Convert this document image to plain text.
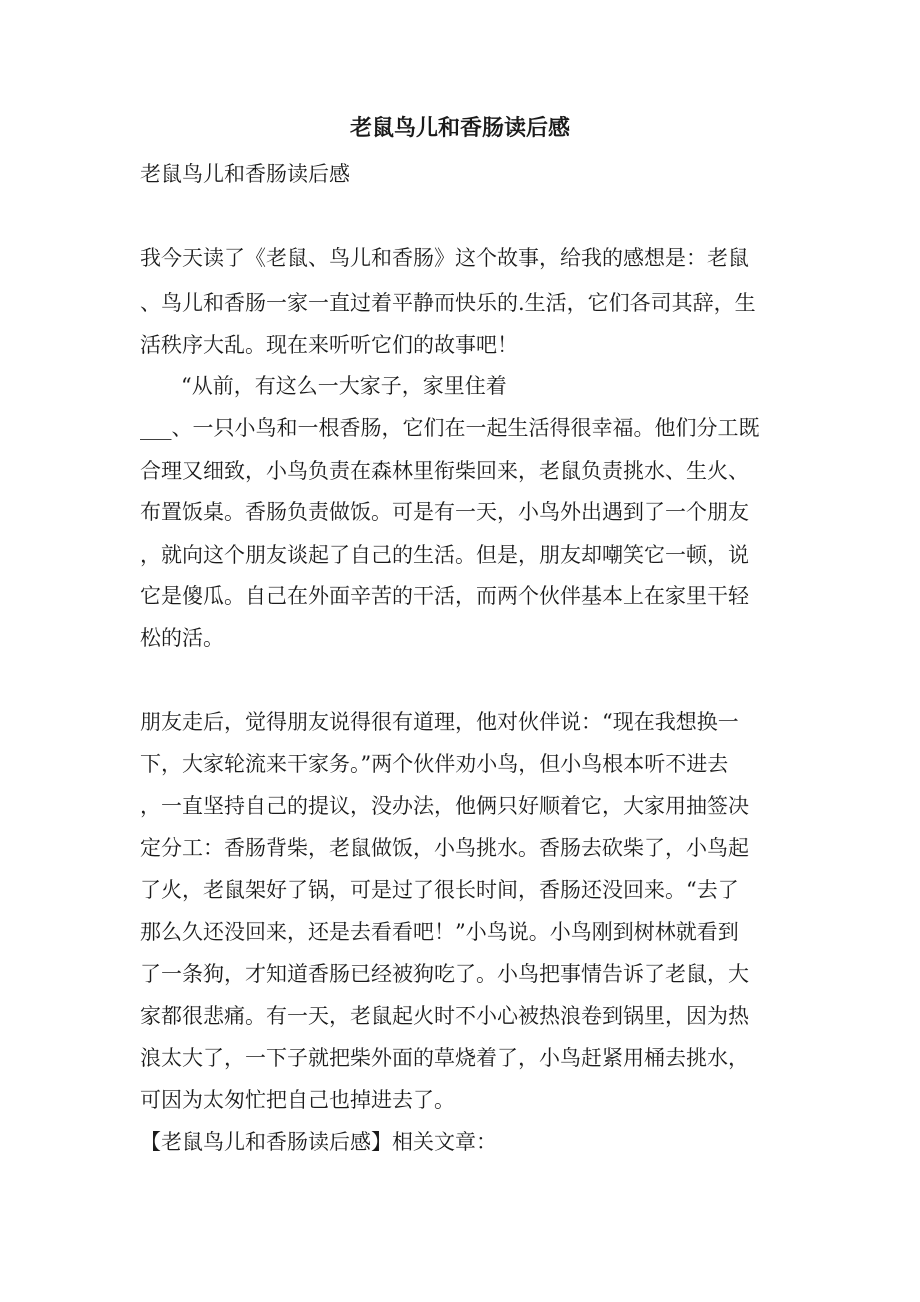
老鼠鸟儿和香肠读后感

老鼠鸟儿和香肠读后感

我今天读了《老鼠、鸟儿和香肠》这个故事，给我的感想是：老鼠

、鸟儿和香肠一家一直过着平静而快乐的.生活，它们各司其辞，生

活秩序大乱。现在来听听它们的故事吧！

“从前，有这么一大家子，家里住着

___、一只小鸟和一根香肠，它们在一起生活得很幸福。他们分工既

合理又细致，小鸟负责在森林里衔柴回来，老鼠负责挑水、生火、

布置饭桌。香肠负责做饭。可是有一天，小鸟外出遇到了一个朋友

，就向这个朋友谈起了自己的生活。但是，朋友却嘲笑它一顿，说

它是傻瓜。自己在外面辛苦的干活，而两个伙伴基本上在家里干轻

松的活。

朋友走后，觉得朋友说得很有道理，他对伙伴说：“现在我想换一

下，大家轮流来干家务。”两个伙伴劝小鸟，但小鸟根本听不进去

，一直坚持自己的提议，没办法，他俩只好顺着它，大家用抽签决

定分工：香肠背柴，老鼠做饭，小鸟挑水。香肠去砍柴了，小鸟起

了火，老鼠架好了锅，可是过了很长时间，香肠还没回来。“去了

那么久还没回来，还是去看看吧！”小鸟说。小鸟刚到树林就看到

了一条狗，才知道香肠已经被狗吃了。小鸟把事情告诉了老鼠，大

家都很悲痛。有一天，老鼠起火时不小心被热浪卷到锅里，因为热

浪太大了，一下子就把柴外面的草烧着了，小鸟赶紧用桶去挑水，

可因为太匆忙把自己也掉进去了。

【老鼠鸟儿和香肠读后感】相关文章：
